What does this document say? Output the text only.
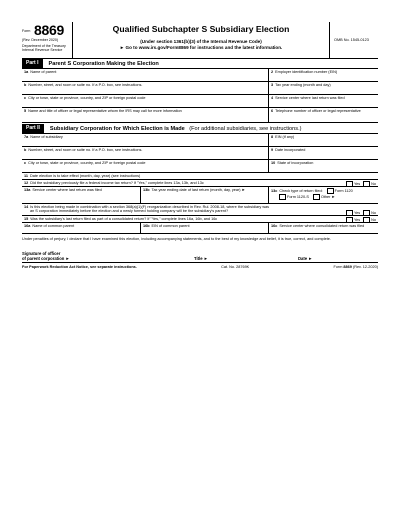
Form 8869
(Rev. December 2020)
Department of the Treasury
Internal Revenue Service
Qualified Subchapter S Subsidiary Election
(Under section 1361(b)(3) of the Internal Revenue Code)
► Go to www.irs.gov/Form8869 for instructions and the latest information.
OMB No. 1545-0123
Part I	Parent S Corporation Making the Election
1a Name of parent	2 Employer identification number (EIN)
b Number, street, and room or suite no. If a P.O. box, see instructions.	3 Tax year ending (month and day)
c City or town, state or province, country, and ZIP or foreign postal code	4 Service center where last return was filed
5 Name and title of officer or legal representative whom the IRS may call for more information	6 Telephone number of officer or legal representative
Part II	Subsidiary Corporation for Which Election is Made
(For additional subsidiaries, see instructions.)
7a Name of subsidiary	8 EIN (if any)
b Number, street, and room or suite no. If a P.O. box, see instructions.	9 Date incorporated
c City or town, state or province, country, and ZIP or foreign postal code	10 State of incorporation
11 Date election is to take effect (month, day, year) (see instructions)
12 Did the subsidiary previously file a federal income tax return? If "Yes," complete lines 13a, 13b, and 13c	Yes	No
13a Service center where last return was filed	13b Tax year ending date of last return (month, day, year) ►	13c Check type of return filed:	Form 1120
Form 1120-S	Other ►
14 Is this election being made in combination with a section 368(a)(1)(F) reorganization described in Rev. Rul. 2008-18, where the subsidiary was
an S corporation immediately before the election and a newly formed holding company will be the subsidiary's parent?	Yes	No
15 Was the subsidiary's last return filed as part of a consolidated return? If "Yes," complete lines 16a, 16b, and 16c	Yes	No
16a Name of common parent	16b EIN of common parent	16c Service center where consolidated return was filed
Under penalties of perjury, I declare that I have examined this election, including accompanying statements, and to the best of my knowledge and belief, it is true, correct, and complete.
Signature of officer
of parent corporation ►	Title ►	Date ►
For Paperwork Reduction Act Notice, see separate instructions.	Cat. No. 28769K	Form 8869 (Rev. 12-2020)
